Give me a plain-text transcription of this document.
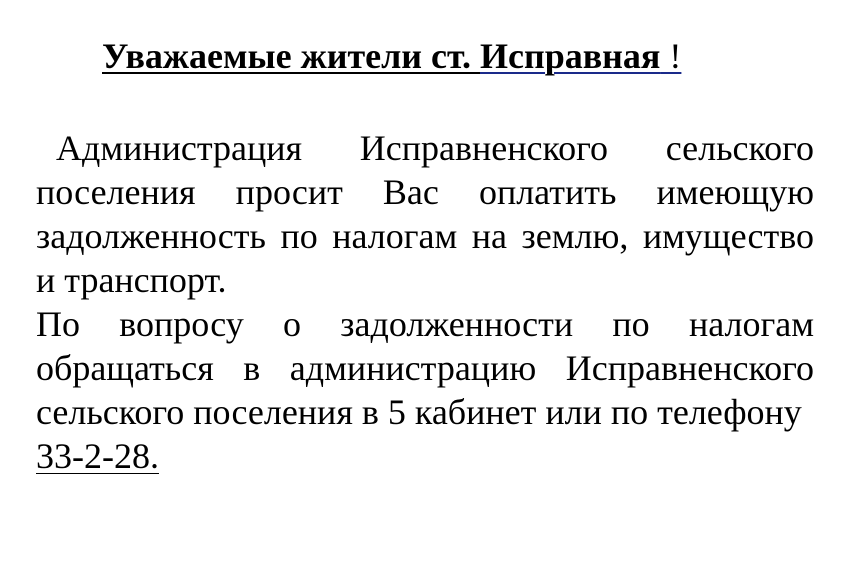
Уважаемые жители ст. Исправная !

Администрация Исправненского сельского поселения просит Вас оплатить имеющую задолженность по налогам на землю, имущество и транспорт.

По вопросу о задолженности по налогам обращаться в администрацию Исправненского сельского поселения в 5 кабинет или по телефону

33-2-28.
